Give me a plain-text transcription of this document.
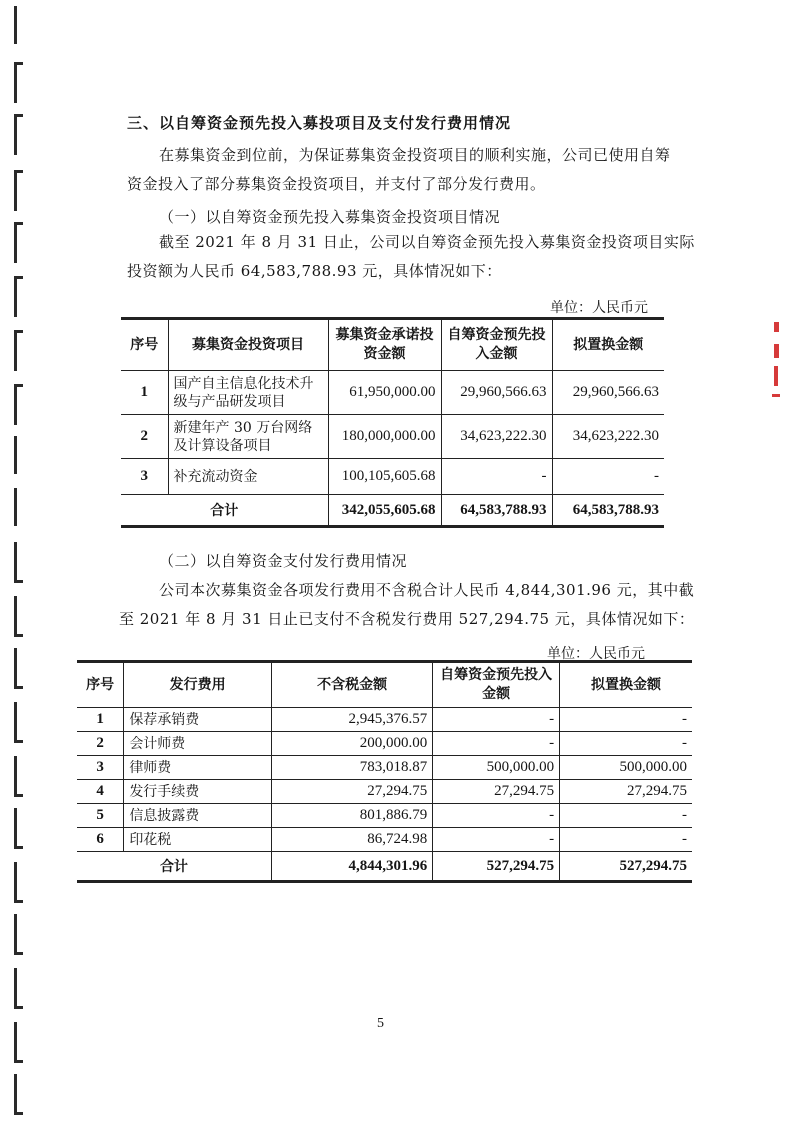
三、以自筹资金预先投入募投项目及支付发行费用情况
在募集资金到位前，为保证募集资金投资项目的顺利实施，公司已使用自筹
资金投入了部分募集资金投资项目，并支付了部分发行费用。
（一）以自筹资金预先投入募集资金投资项目情况
截至 2021 年 8 月 31 日止，公司以自筹资金预先投入募集资金投资项目实际
投资额为人民币 64,583,788.93 元，具体情况如下：
单位：人民币元
序号	募集资金投资项目	募集资金承诺投资金额	自筹资金预先投入金额	拟置换金额
1	国产自主信息化技术升级与产品研发项目	61,950,000.00	29,960,566.63	29,960,566.63
2	新建年产 30 万台网络及计算设备项目	180,000,000.00	34,623,222.30	34,623,222.30
3	补充流动资金	100,105,605.68	-	-
合计		342,055,605.68	64,583,788.93	64,583,788.93
（二）以自筹资金支付发行费用情况
公司本次募集资金各项发行费用不含税合计人民币 4,844,301.96 元，其中截
至 2021 年 8 月 31 日止已支付不含税发行费用 527,294.75 元，具体情况如下：
单位：人民币元
序号	发行费用	不含税金额	自筹资金预先投入金额	拟置换金额
1	保荐承销费	2,945,376.57	-	-
2	会计师费	200,000.00	-	-
3	律师费	783,018.87	500,000.00	500,000.00
4	发行手续费	27,294.75	27,294.75	27,294.75
5	信息披露费	801,886.79	-	-
6	印花税	86,724.98	-	-
合计		4,844,301.96	527,294.75	527,294.75
5
